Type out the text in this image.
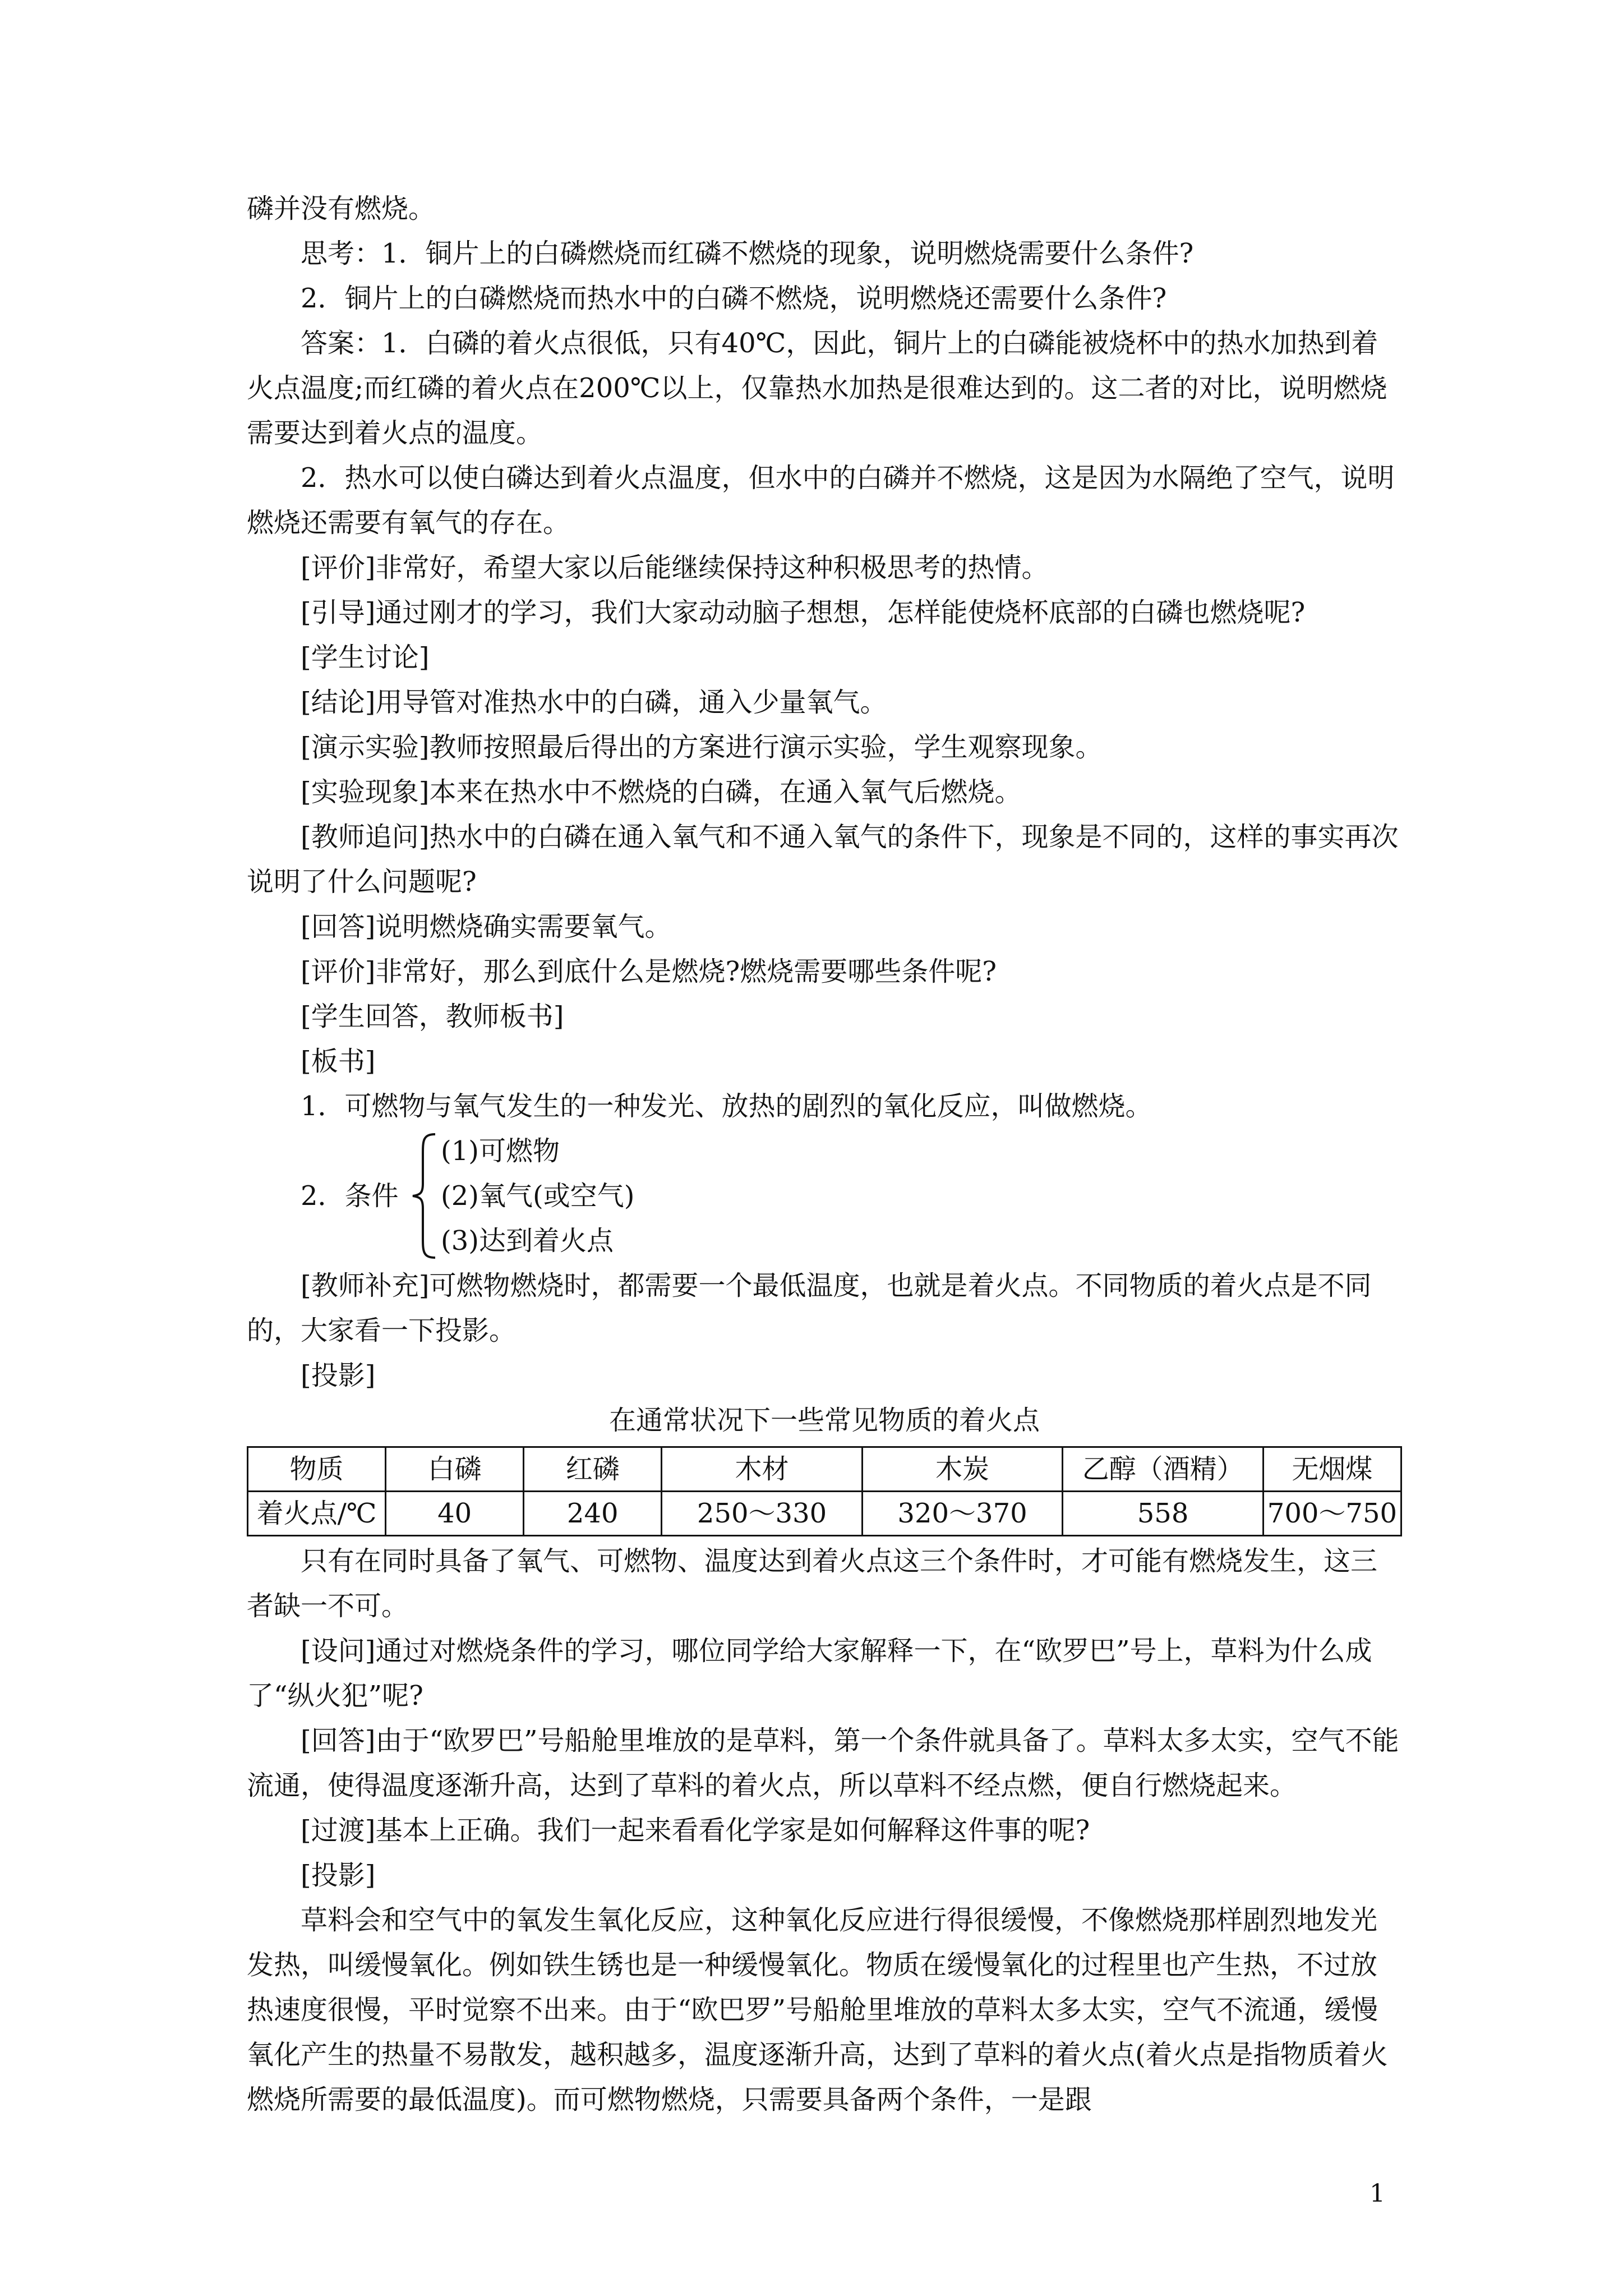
磷并没有燃烧。

思考：1．铜片上的白磷燃烧而红磷不燃烧的现象，说明燃烧需要什么条件?

2．铜片上的白磷燃烧而热水中的白磷不燃烧，说明燃烧还需要什么条件?

答案：1．白磷的着火点很低，只有40℃，因此，铜片上的白磷能被烧杯中的热水加热到着火点温度;而红磷的着火点在200℃以上，仅靠热水加热是很难达到的。这二者的对比，说明燃烧需要达到着火点的温度。

2．热水可以使白磷达到着火点温度，但水中的白磷并不燃烧，这是因为水隔绝了空气，说明燃烧还需要有氧气的存在。

[评价]非常好，希望大家以后能继续保持这种积极思考的热情。

[引导]通过刚才的学习，我们大家动动脑子想想，怎样能使烧杯底部的白磷也燃烧呢?

[学生讨论]

[结论]用导管对准热水中的白磷，通入少量氧气。

[演示实验]教师按照最后得出的方案进行演示实验，学生观察现象。

[实验现象]本来在热水中不燃烧的白磷，在通入氧气后燃烧。

[教师追问]热水中的白磷在通入氧气和不通入氧气的条件下，现象是不同的，这样的事实再次说明了什么问题呢?

[回答]说明燃烧确实需要氧气。

[评价]非常好，那么到底什么是燃烧?燃烧需要哪些条件呢?

[学生回答，教师板书]

[板书]

1．可燃物与氧气发生的一种发光、放热的剧烈的氧化反应，叫做燃烧。

2．条件
(1)可燃物
(2)氧气(或空气)
(3)达到着火点

[教师补充]可燃物燃烧时，都需要一个最低温度，也就是着火点。不同物质的着火点是不同的，大家看一下投影。

[投影]

在通常状况下一些常见物质的着火点

物质	白磷	红磷	木材	木炭	乙醇（酒精）	无烟煤
着火点/℃	40	240	250～330	320～370	558	700～750

只有在同时具备了氧气、可燃物、温度达到着火点这三个条件时，才可能有燃烧发生，这三者缺一不可。

[设问]通过对燃烧条件的学习，哪位同学给大家解释一下，在“欧罗巴”号上，草料为什么成了“纵火犯”呢?

[回答]由于“欧罗巴”号船舱里堆放的是草料，第一个条件就具备了。草料太多太实，空气不能流通，使得温度逐渐升高，达到了草料的着火点，所以草料不经点燃，便自行燃烧起来。

[过渡]基本上正确。我们一起来看看化学家是如何解释这件事的呢?

[投影]

草料会和空气中的氧发生氧化反应，这种氧化反应进行得很缓慢，不像燃烧那样剧烈地发光发热，叫缓慢氧化。例如铁生锈也是一种缓慢氧化。物质在缓慢氧化的过程里也产生热，不过放热速度很慢，平时觉察不出来。由于“欧巴罗”号船舱里堆放的草料太多太实，空气不流通，缓慢氧化产生的热量不易散发，越积越多，温度逐渐升高，达到了草料的着火点(着火点是指物质着火燃烧所需要的最低温度)。而可燃物燃烧，只需要具备两个条件，一是跟

1
